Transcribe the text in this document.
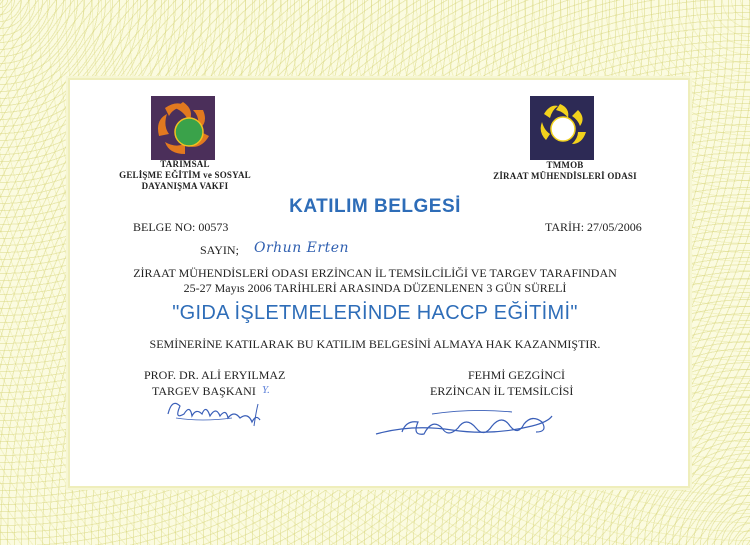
TARIMSAL
GELİŞME EĞİTİM ve SOSYAL
DAYANIŞMA VAKFI
TMMOB
ZİRAAT MÜHENDİSLERİ ODASI
KATILIM BELGESİ
BELGE NO: 00573	TARİH: 27/05/2006
SAYIN; Orhun Erten
ZİRAAT MÜHENDİSLERİ ODASI ERZİNCAN İL TEMSİLCİLİĞİ VE TARGEV TARAFINDAN
25-27 Mayıs 2006 TARİHLERİ ARASINDA DÜZENLENEN 3 GÜN SÜRELİ
"GIDA İŞLETMELERİNDE HACCP EĞİTİMİ"
SEMİNERİNE KATILARAK BU KATILIM BELGESİNİ ALMAYA HAK KAZANMIŞTIR.
PROF. DR. ALİ ERYILMAZ
TARGEV BAŞKANI Y.
FEHMİ GEZGİNCİ
ERZİNCAN İL TEMSİLCİSİ
